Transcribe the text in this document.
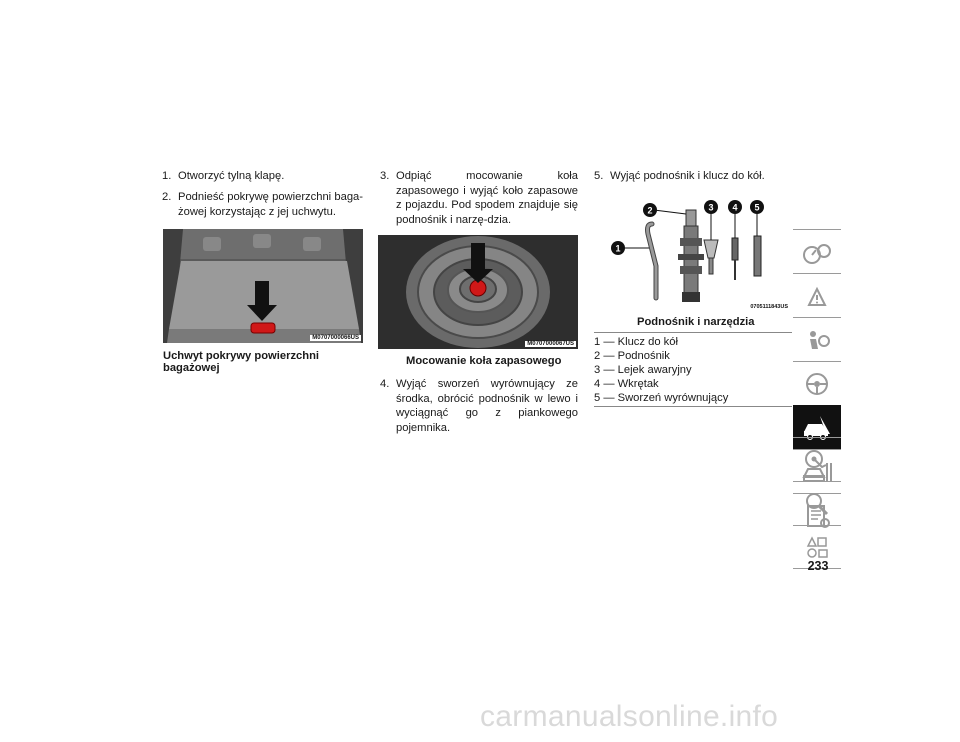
1. Otworzyć tylną klapę.
2. Podnieść pokrywę powierzchni baga-żowej korzystając z jej uchwytu.
M0707000066US
Uchwyt pokrywy powierzchni bagażowej
3. Odpiąć mocowanie koła zapasowego i wyjąć koło zapasowe z pojazdu. Pod spodem znajduje się podnośnik i narzę-dzia.
M0707000067US
Mocowanie koła zapasowego
4. Wyjąć sworzeń wyrównujący ze środka, obrócić podnośnik w lewo i wyciągnąć go z piankowego pojemnika.
5. Wyjąć podnośnik i klucz do kół.
1
2	3 4 5
0705111843US
Podnośnik i narzędzia
1 — Klucz do kół
2 — Podnośnik
3 — Lejek awaryjny
4 — Wkrętak
5 — Sworzeń wyrównujący
233
carmanualsonline.info
